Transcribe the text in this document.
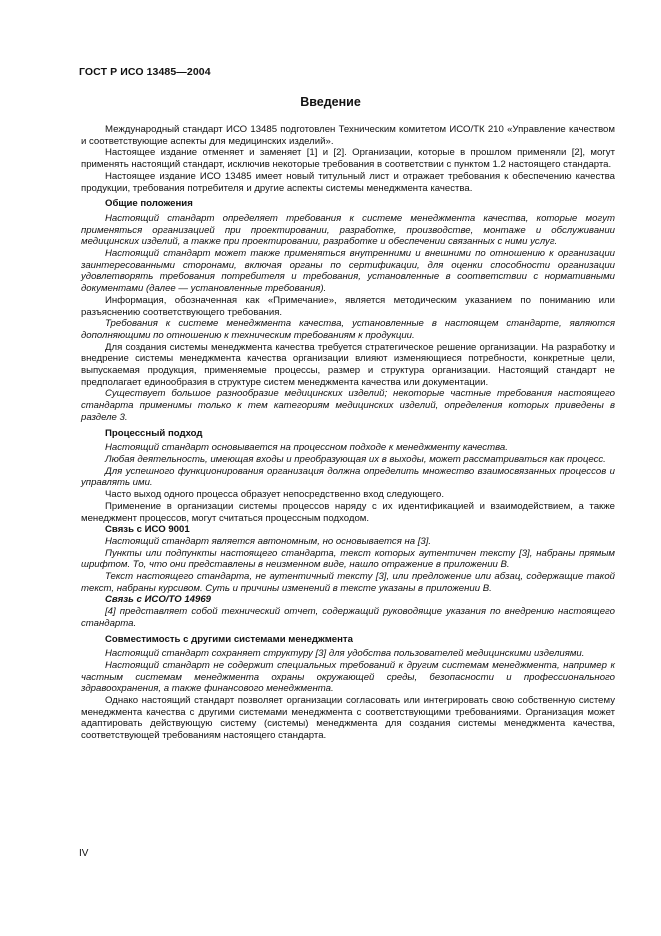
ГОСТ Р ИСО 13485—2004
Введение

Международный стандарт ИСО 13485 подготовлен Техническим комитетом ИСО/ТК 210 «Управление качеством и соответствующие аспекты для медицинских изделий».

Настоящее издание отменяет и заменяет [1] и [2]. Организации, которые в прошлом применяли [2], могут применять настоящий стандарт, исключив некоторые требования в соответствии с пунктом 1.2 настоящего стандарта.

Настоящее издание ИСО 13485 имеет новый титульный лист и отражает требования к обеспечению качества продукции, требования потребителя и другие аспекты системы менеджмента качества.

Общие положения

Настоящий стандарт определяет требования к системе менеджмента качества, которые могут применяться организацией при проектировании, разработке, производстве, монтаже и обслуживании медицинских изделий, а также при проектировании, разработке и обеспечении связанных с ними услуг.

Настоящий стандарт может также применяться внутренними и внешними по отношению к организации заинтересованными сторонами, включая органы по сертификации, для оценки способности организации удовлетворять требования потребителя и требования, установленные в соответствии с нормативными документами (далее — установленные требования).

Информация, обозначенная как «Примечание», является методическим указанием по пониманию или разъяснению соответствующего требования.

Требования к системе менеджмента качества, установленные в настоящем стандарте, являются дополняющими по отношению к техническим требованиям к продукции.

Для создания системы менеджмента качества требуется стратегическое решение организации. На разработку и внедрение системы менеджмента качества организации влияют изменяющиеся потребности, конкретные цели, выпускаемая продукция, применяемые процессы, размер и структура организации. Настоящий стандарт не предполагает единообразия в структуре систем менеджмента качества или документации.

Существует большое разнообразие медицинских изделий; некоторые частные требования настоящего стандарта применимы только к тем категориям медицинских изделий, определения которых приведены в разделе 3.

Процессный подход

Настоящий стандарт основывается на процессном подходе к менеджменту качества.

Любая деятельность, имеющая входы и преобразующая их в выходы, может рассматриваться как процесс.

Для успешного функционирования организация должна определить множество взаимосвязанных процессов и управлять ими.

Часто выход одного процесса образует непосредственно вход следующего.

Применение в организации системы процессов наряду с их идентификацией и взаимодействием, а также менеджмент процессов, могут считаться процессным подходом.

Связь с ИСО 9001

Настоящий стандарт является автономным, но основывается на [3].

Пункты или подпункты настоящего стандарта, текст которых аутентичен тексту [3], набраны прямым шрифтом. То, что они представлены в неизменном виде, нашло отражение в приложении В.

Текст настоящего стандарта, не аутентичный тексту [3], или предложение или абзац, содержащие такой текст, набраны курсивом. Суть и причины изменений в тексте указаны в приложении В.

Связь с ИСО/ТО 14969

[4] представляет собой технический отчет, содержащий руководящие указания по внедрению настоящего стандарта.

Совместимость с другими системами менеджмента

Настоящий стандарт сохраняет структуру [3] для удобства пользователей медицинскими изделиями.

Настоящий стандарт не содержит специальных требований к другим системам менеджмента, например к частным системам менеджмента охраны окружающей среды, безопасности и профессионального здравоохранения, а также финансового менеджмента.

Однако настоящий стандарт позволяет организации согласовать или интегрировать свою собственную систему менеджмента качества с другими системами менеджмента с соответствующими требованиями. Организация может адаптировать действующую систему (системы) менеджмента для создания системы менеджмента качества, соответствующей требованиям настоящего стандарта.

IV
